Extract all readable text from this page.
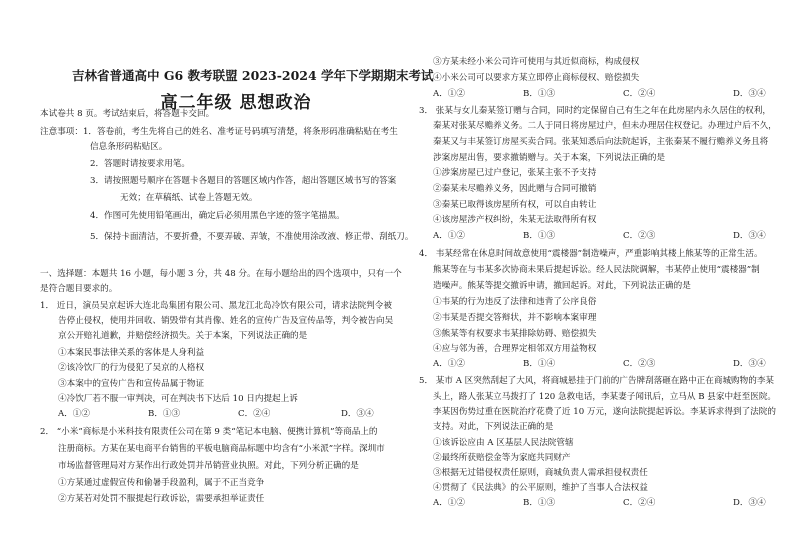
吉林省普通高中 G6 教考联盟 2023-2024 学年下学期期末考试
高二年级 思想政治
本试卷共 8 页。考试结束后，将答题卡交回。
注意事项：1．答卷前，考生先将自己的姓名、准考证号码填写清楚，将条形码准确粘贴在考生
信息条形码粘贴区。
2．答题时请按要求用笔。
3．请按照题号顺序在答题卡各题目的答题区域内作答，超出答题区域书写的答案
无效；在草稿纸、试卷上答题无效。
4．作图可先使用铅笔画出，确定后必须用黑色字迹的签字笔描黑。
5．保持卡面清洁，不要折叠，不要弄破、弄皱，不准使用涂改液、修正带、刮纸刀。
一、选择题：本题共 16 小题，每小题 3 分，共 48 分。在每小题给出的四个选项中，只有一个
是符合题目要求的。
1． 近日，演员吴京起诉大连北岛集团有限公司、黑龙江北岛冷饮有限公司，请求法院判令被
告停止侵权，使用并回收、销毁带有其肖像、姓名的宣传广告及宣传品等，判令被告向吴
京公开赔礼道歉，并赔偿经济损失。关于本案，下列说法正确的是
①本案民事法律关系的客体是人身利益
②该冷饮厂的行为侵犯了吴京的人格权
③本案中的宣传广告和宣传品属于物证
④冷饮厂若不服一审判决，可在判决书下达后 10 日内提起上诉
A．①②	B．①③	C．②④	D．③④
2． “小米”商标是小米科技有限责任公司在第 9 类“笔记本电脑、便携计算机”等商品上的
注册商标。方某在某电商平台销售的平板电脑商品标题中均含有“小米派”字样。深圳市
市场监督管理局对方某作出行政处罚并吊销营业执照。对此，下列分析正确的是
①方某通过虚假宣传和偷暑手段盈利，属于不正当竞争
②方某若对处罚不服提起行政诉讼，需要承担举证责任
③方某未经小米公司许可使用与其近似商标，构成侵权
④小米公司可以要求方某立即停止商标侵权、赔偿损失
A．①②	B．①③	C．②④	D．③④
3． 张某与女儿秦某签订赠与合同，同时约定保留自己有生之年在此房屋内永久居住的权利，
秦某对张某尽赡养义务。二人于同日将房屋过户，但未办理居住权登记。办理过户后不久，
秦某又与丰某签订房屋买卖合同。张某知悉后向法院起诉，主张秦某不履行赡养义务且将
涉案房屋出售，要求撤销赠与。关于本案，下列说法正确的是
①涉案房屋已过户登记，张某主张不予支持
②秦某未尽赡养义务，因此赠与合同可撤销
③秦某已取得该房屋所有权，可以自由转让
④该房屋涉产权纠纷，朱某无法取得所有权
A．①②	B．①③	C．②③	D．③④
4． 韦某经常在休息时间故意使用“震楼器”制造噪声，严重影响其楼上熊某等的正常生活。
熊某等在与韦某多次协商未果后提起诉讼。经人民法院调解，韦某停止使用“震楼器”制
造噪声。熊某等提交撤诉申请，撤回起诉。对此，下列说法正确的是
①韦某的行为违反了法律和违背了公序良俗
②韦某是否提交答辩状，并不影响本案审理
③熊某等有权要求韦某排除妨碍、赔偿损失
④应与邻为善，合理界定相邻双方用益物权
A．①②	B．①④	C．②③	D．③④
5． 某市 A 区突然刮起了大风，将商城悬挂于门前的广告牌刮落砸在路中正在商城购物的李某
头上，路人张某立马拨打了 120 急救电话，李某妻子闻讯后，立马从 B 县家中赶至医院。
李某因伤势过重在医院治疗花费了近 10 万元，遂向法院提起诉讼。李某诉求得到了法院的
支持。对此，下列说法正确的是
①该诉讼应由 A 区基层人民法院管辖
②最终所获赔偿金等为家庭共同财产
③根据无过错侵权责任原则，商城负责人需承担侵权责任
④贯彻了《民法典》的公平原则，维护了当事人合法权益
A．①②	B．①③	C．②④	D．③④
